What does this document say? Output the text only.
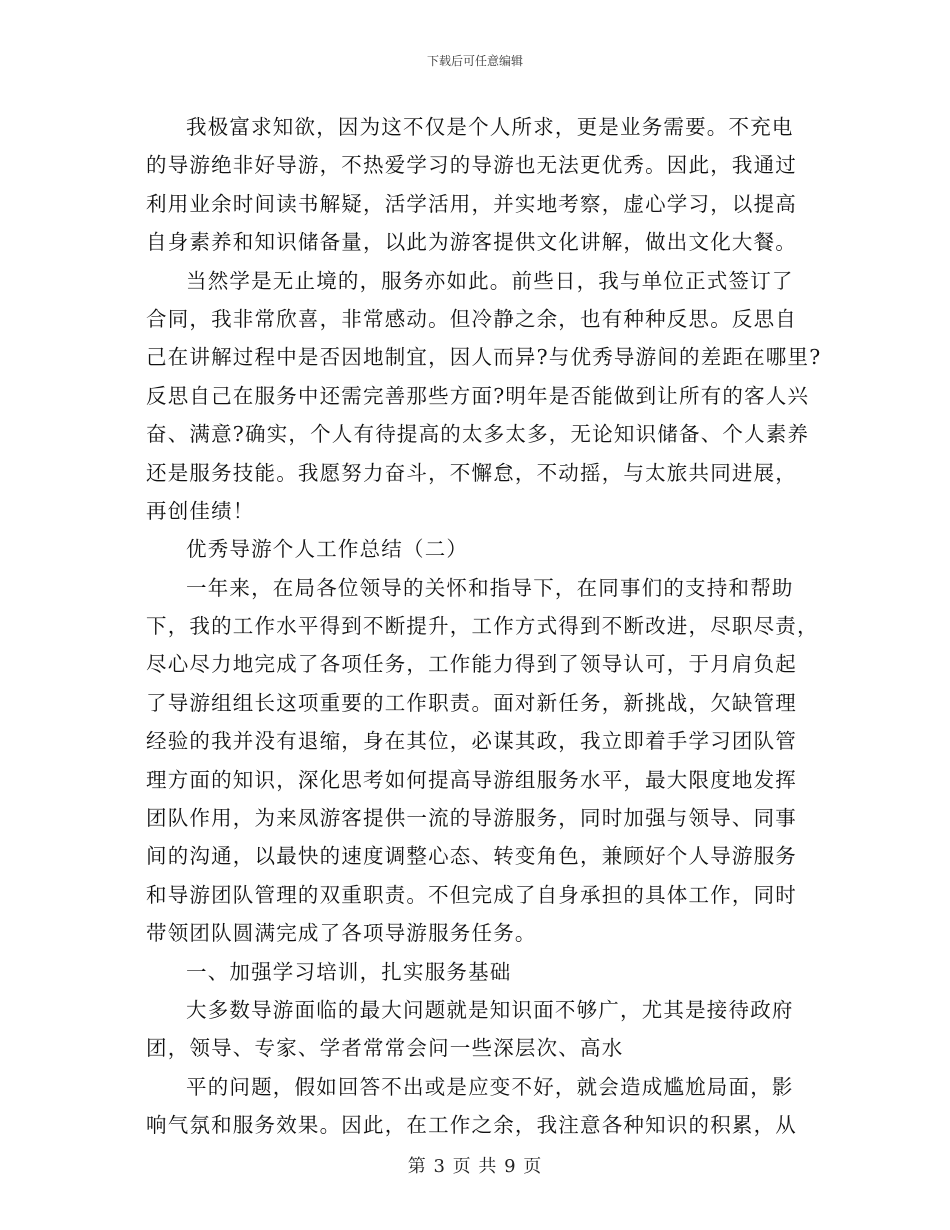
下载后可任意编辑
我极富求知欲，因为这不仅是个人所求，更是业务需要。不充电
的导游绝非好导游，不热爱学习的导游也无法更优秀。因此，我通过
利用业余时间读书解疑，活学活用，并实地考察，虚心学习，以提高
自身素养和知识储备量，以此为游客提供文化讲解，做出文化大餐。
当然学是无止境的，服务亦如此。前些日，我与单位正式签订了
合同，我非常欣喜，非常感动。但冷静之余，也有种种反思。反思自
己在讲解过程中是否因地制宜，因人而异?与优秀导游间的差距在哪里?
反思自己在服务中还需完善那些方面?明年是否能做到让所有的客人兴
奋、满意?确实，个人有待提高的太多太多，无论知识储备、个人素养
还是服务技能。我愿努力奋斗，不懈怠，不动摇，与太旅共同进展，
再创佳绩！
优秀导游个人工作总结（二）
一年来，在局各位领导的关怀和指导下，在同事们的支持和帮助
下，我的工作水平得到不断提升，工作方式得到不断改进，尽职尽责，
尽心尽力地完成了各项任务，工作能力得到了领导认可，于月肩负起
了导游组组长这项重要的工作职责。面对新任务，新挑战，欠缺管理
经验的我并没有退缩，身在其位，必谋其政，我立即着手学习团队管
理方面的知识，深化思考如何提高导游组服务水平，最大限度地发挥
团队作用，为来凤游客提供一流的导游服务，同时加强与领导、同事
间的沟通，以最快的速度调整心态、转变角色，兼顾好个人导游服务
和导游团队管理的双重职责。不但完成了自身承担的具体工作，同时
带领团队圆满完成了各项导游服务任务。
一、加强学习培训，扎实服务基础
大多数导游面临的最大问题就是知识面不够广，尤其是接待政府
团，领导、专家、学者常常会问一些深层次、高水
平的问题，假如回答不出或是应变不好，就会造成尴尬局面，影
响气氛和服务效果。因此，在工作之余，我注意各种知识的积累，从
第 3 页 共 9 页
